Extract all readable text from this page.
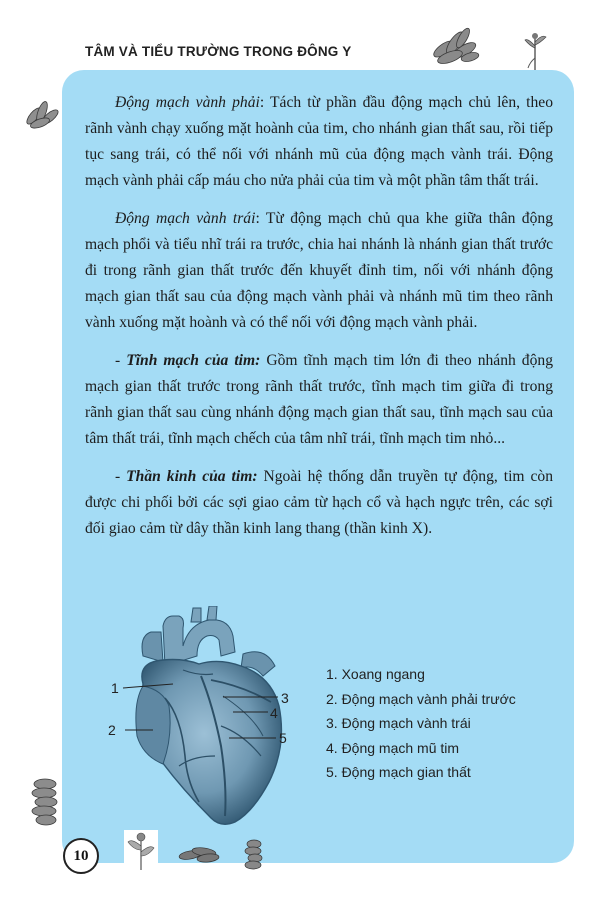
TÂM VÀ TIỂU TRƯỜNG TRONG ĐÔNG Y

Động mạch vành phải: Tách từ phần đầu động mạch chủ lên, theo rãnh vành chạy xuống mặt hoành của tim, cho nhánh gian thất sau, rồi tiếp tục sang trái, có thể nối với nhánh mũ của động mạch vành trái. Động mạch vành phải cấp máu cho nửa phải của tim và một phần tâm thất trái.

Động mạch vành trái: Từ động mạch chủ qua khe giữa thân động mạch phổi và tiểu nhĩ trái ra trước, chia hai nhánh là nhánh gian thất trước đi trong rãnh gian thất trước đến khuyết đỉnh tim, nối với nhánh động mạch gian thất sau của động mạch vành phải và nhánh mũ tim theo rãnh vành xuống mặt hoành và có thể nối với động mạch vành phải.

- Tĩnh mạch của tim: Gồm tĩnh mạch tim lớn đi theo nhánh động mạch gian thất trước trong rãnh thất trước, tĩnh mạch tim giữa đi trong rãnh gian thất sau cùng nhánh động mạch gian thất sau, tĩnh mạch sau của tâm thất trái, tĩnh mạch chếch của tâm nhĩ trái, tĩnh mạch tim nhỏ...

- Thần kinh của tim: Ngoài hệ thống dẫn truyền tự động, tim còn được chi phối bởi các sợi giao cảm từ hạch cổ và hạch ngực trên, các sợi đối giao cảm từ dây thần kinh lang thang (thần kinh X).

1
2
3
4
5
1. Xoang ngang
2. Động mạch vành phải trước
3. Động mạch vành trái
4. Động mạch mũ tim
5. Động mạch gian thất
10
